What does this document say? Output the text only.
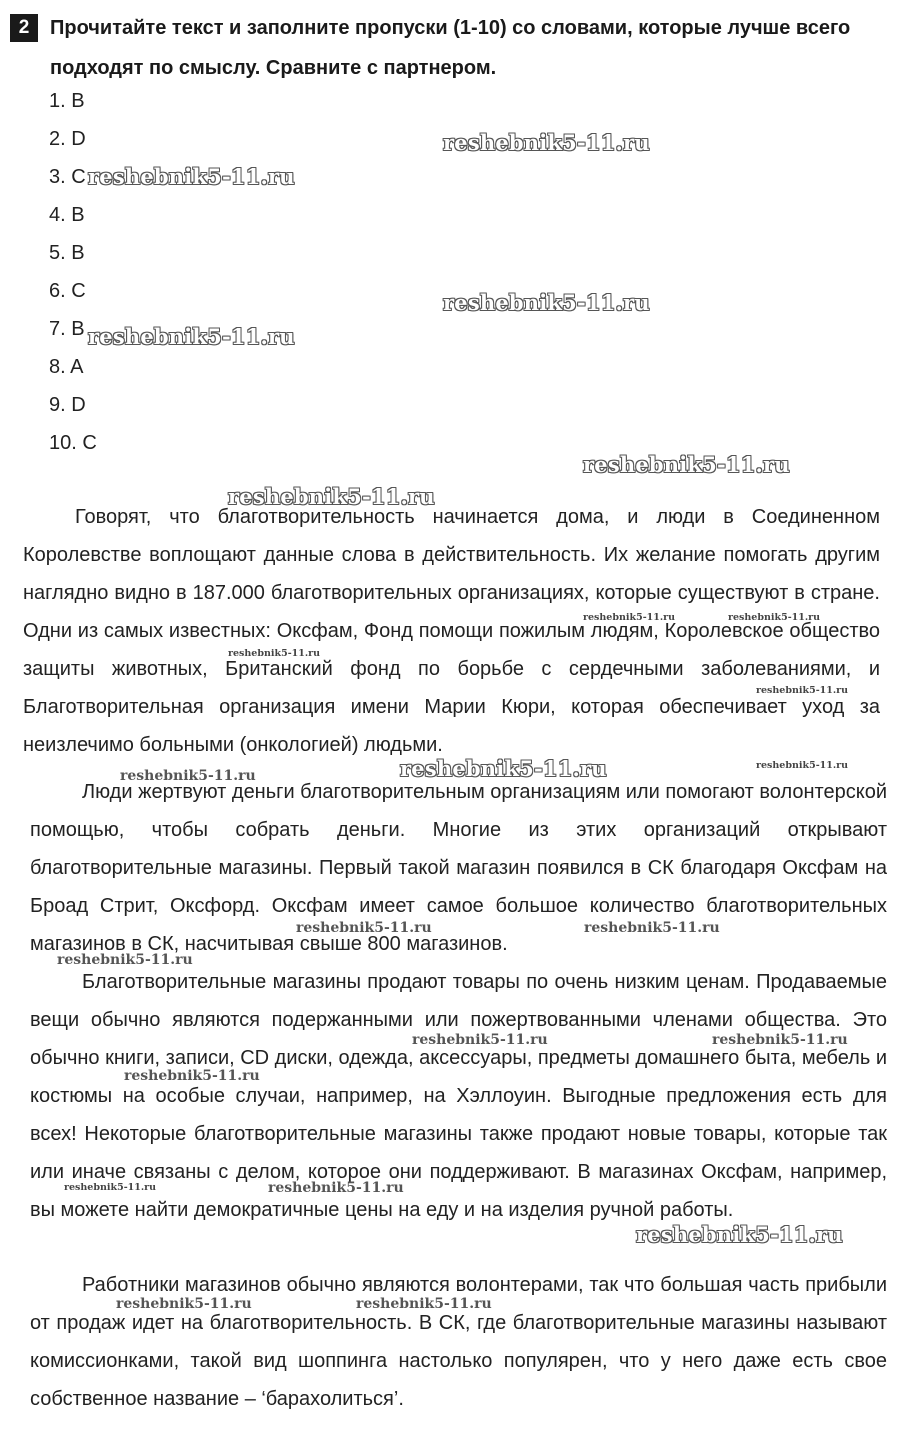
2	Прочитайте текст и заполните пропуски (1-10) со словами, которые лучше всего подходят по смыслу. Сравните с партнером.
1. B
2. D
3. C
4. B
5. B
6. C
7. B
8. A
9. D
10. C

Говорят, что благотворительность начинается дома, и люди в Соединенном Королевстве воплощают данные слова в действительность. Их желание помогать другим наглядно видно в 187.000 благотворительных организациях, которые существуют в стране. Одни из самых известных: Оксфам, Фонд помощи пожилым людям, Королевское общество защиты животных, Британский фонд по борьбе с сердечными заболеваниями, и Благотворительная организация имени Марии Кюри, которая обеспечивает уход за неизлечимо больными (онкологией) людьми.

Люди жертвуют деньги благотворительным организациям или помогают волонтерской помощью, чтобы собрать деньги. Многие из этих организаций открывают благотворительные магазины. Первый такой магазин появился в СК благодаря Оксфам на Броад Стрит, Оксфорд. Оксфам имеет самое большое количество благотворительных магазинов в СК, насчитывая свыше 800 магазинов.

Благотворительные магазины продают товары по очень низким ценам. Продаваемые вещи обычно являются подержанными или пожертвованными членами общества. Это обычно книги, записи, CD диски, одежда, аксессуары, предметы домашнего быта, мебель и костюмы на особые случаи, например, на Хэллоуин. Выгодные предложения есть для всех! Некоторые благотворительные магазины также продают новые товары, которые так или иначе связаны с делом, которое они поддерживают. В магазинах Оксфам, например, вы можете найти демократичные цены на еду и на изделия ручной работы.

Работники магазинов обычно являются волонтерами, так что большая часть прибыли от продаж идет на благотворительность. В СК, где благотворительные магазины называют комиссионками, такой вид шоппинга настолько популярен, что у него даже есть свое собственное название – ‘барахолиться’.

reshebnik5-11.ru
reshebnik5-11.ru
reshebnik5-11.ru
reshebnik5-11.ru
reshebnik5-11.ru
reshebnik5-11.ru
reshebnik5-11.ru	reshebnik5-11.ru
reshebnik5-11.ru
reshebnik5-11.ru
reshebnik5-11.ru	reshebnik5-11.ru	reshebnik5-11.ru
reshebnik5-11.ru	reshebnik5-11.ru
reshebnik5-11.ru
reshebnik5-11.ru	reshebnik5-11.ru
reshebnik5-11.ru
reshebnik5-11.ru	reshebnik5-11.ru
reshebnik5-11.ru
reshebnik5-11.ru	reshebnik5-11.ru
